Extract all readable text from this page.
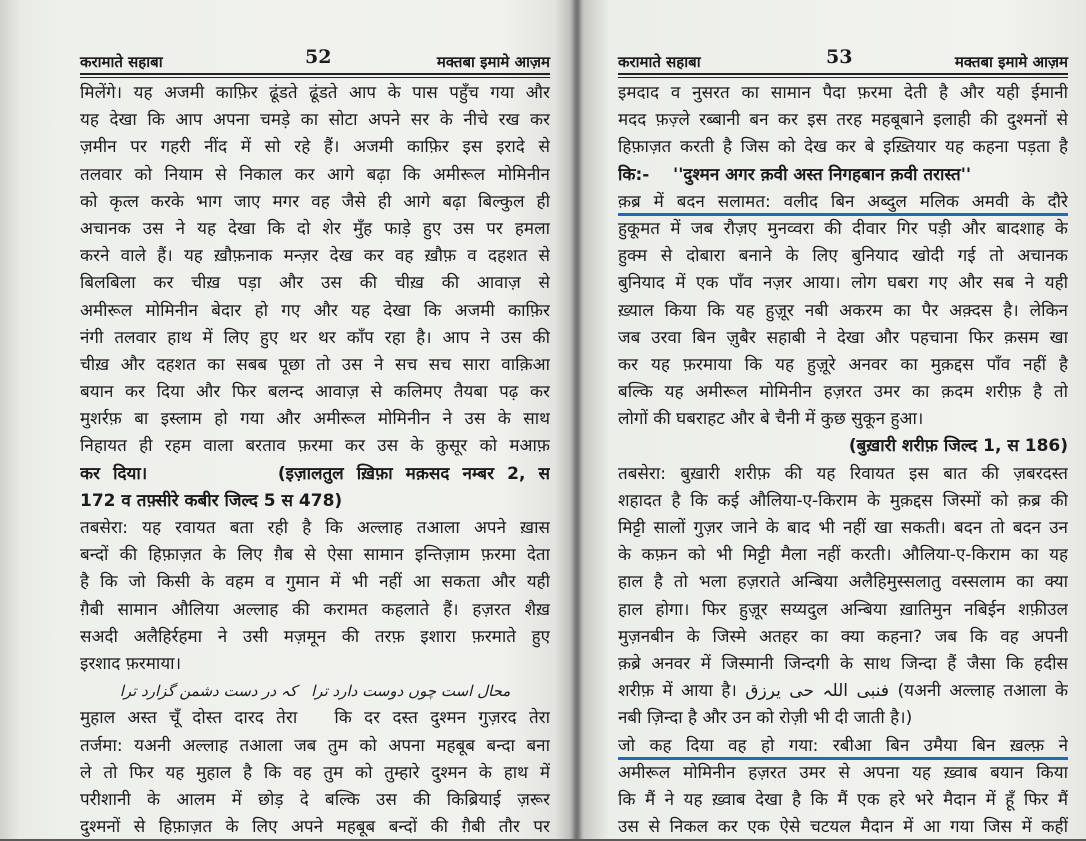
करामाते सहाबा	52	मक्तबा इमामे आज़म
मिलेंगे। यह अजमी काफ़िर ढूंडते ढूंडते आप के पास पहुँच गया और
यह देखा कि आप अपना चमड़े का सोटा अपने सर के नीचे रख कर
ज़मीन पर गहरी नींद में सो रहे हैं। अजमी काफ़िर इस इरादे से
तलवार को नियाम से निकाल कर आगे बढ़ा कि अमीरूल मोमिनीन
को कृत्ल करके भाग जाए मगर वह जैसे ही आगे बढ़ा बिल्कुल ही
अचानक उस ने यह देखा कि दो शेर मुँह फाड़े हुए उस पर हमला
करने वाले हैं। यह ख़ौफ़नाक मन्ज़र देख कर वह ख़ौफ़ व दहशत से
बिलबिला कर चीख़ पड़ा और उस की चीख़ की आवाज़ से
अमीरूल मोमिनीन बेदार हो गए और यह देखा कि अजमी काफ़िर
नंगी तलवार हाथ में लिए हुए थर थर काँप रहा है। आप ने उस की
चीख़ और दहशत का सबब पूछा तो उस ने सच सच सारा वाक़िआ
बयान कर दिया और फिर बलन्द आवाज़ से कलिमए तैयबा पढ़ कर
मुशर्रफ़ बा इस्लाम हो गया और अमीरूल मोमिनीन ने उस के साथ
निहायत ही रहम वाला बरताव फ़रमा कर उस के क़ुसूर को मआफ़
कर दिया।          (इज़ालतुल ख़िफ़ा मक़सद नम्बर 2, स
172 व तफ़्सीरे कबीर जिल्द 5 स 478)
तबसेरा: यह रवायत बता रही है कि अल्लाह तआला अपने ख़ास
बन्दों की हिफ़ाज़त के लिए ग़ैब से ऐसा सामान इन्तिज़ाम फ़रमा देता
है कि जो किसी के वहम व गुमान में भी नहीं आ सकता और यही
ग़ैबी सामान औलिया अल्लाह की करामत कहलाते हैं। हज़रत शैख़
सअदी अलैहिर्रहमा ने उसी मज़मून की तरफ़ इशारा फ़रमाते हुए
इरशाद फ़रमाया।
محال است چوں دوست دارد ترا   کہ در دست دشمن گزارد ترا
मुहाल अस्त चूँ दोस्त दारद तेरा   कि दर दस्त दुश्मन गुज़रद तेरा
तर्जमा: यअनी अल्लाह तआला जब तुम को अपना महबूब बन्दा बना
ले तो फिर यह मुहाल है कि वह तुम को तुम्हारे दुश्मन के हाथ में
परीशानी के आलम में छोड़ दे बल्कि उस की किब्रियाई ज़रूर
दुश्मनों से हिफ़ाज़त के लिए अपने महबूब बन्दों की ग़ैबी तौर पर
करामाते सहाबा	53	मक्तबा इमामे आज़म
इमदाद व नुसरत का सामान पैदा फ़रमा देती है और यही ईमानी
मदद फ़ज़्ले रब्बानी बन कर इस तरह महबूबाने इलाही की दुश्मनों से
हिफ़ाज़त करती है जिस को देख कर बे इख़्तियार यह कहना पड़ता है
कि:-    ''दुश्मन अगर क़वी अस्त निगहबान क़वी तरास्त''
क़ब्र में बदन सलामत: वलीद बिन अब्दुल मलिक अमवी के दौरे
हुकूमत में जब रौज़ए मुनव्वरा की दीवार गिर पड़ी और बादशाह के
हुक्म से दोबारा बनाने के लिए बुनियाद खोदी गई तो अचानक
बुनियाद में एक पाँव नज़र आया। लोग घबरा गए और सब ने यही
ख़्याल किया कि यह हुज़ूर नबी अकरम का पैर अक़्दस है। लेकिन
जब उरवा बिन ज़ुबैर सहाबी ने देखा और पहचाना फिर क़सम खा
कर यह फ़रमाया कि यह हुज़ूरे अनवर का मुक़द्दस पाँव नहीं है
बल्कि यह अमीरूल मोमिनीन हज़रत उमर का क़दम शरीफ़ है तो
लोगों की घबराहट और बे चैनी में कुछ सुकून हुआ।
(बुख़ारी शरीफ़ जिल्द 1, स 186)
तबसेरा: बुख़ारी शरीफ़ की यह रिवायत इस बात की ज़बरदस्त
शहादत है कि कई औलिया-ए-किराम के मुक़द्दस जिस्मों को क़ब्र की
मिट्टी सालों गुज़र जाने के बाद भी नहीं खा सकती। बदन तो बदन उन
के कफ़न को भी मिट्टी मैला नहीं करती। औलिया-ए-किराम का यह
हाल है तो भला हज़राते अन्बिया अलैहिमुस्सलातु वस्सलाम का क्या
हाल होगा। फिर हुज़ूर सय्यदुल अन्बिया ख़ातिमुन नबिईन शफ़ीउल
मुज़नबीन के जिस्मे अतहर का क्या कहना? जब कि वह अपनी
क़ब्रे अनवर में जिस्मानी जिन्दगी के साथ जिन्दा हैं जैसा कि हदीस
शरीफ़ में आया है। فنبی اللہ حی یرزق (यअनी अल्लाह तआला के
नबी ज़िन्दा है और उन को रोज़ी भी दी जाती है।)
जो कह दिया वह हो गया: रबीआ बिन उमैया बिन ख़ल्फ़ ने
अमीरूल मोमिनीन हज़रत उमर से अपना यह ख़्वाब बयान किया
कि मैं ने यह ख़्वाब देखा है कि मैं एक हरे भरे मैदान में हूँ फिर मैं
उस से निकल कर एक ऐसे चटयल मैदान में आ गया जिस में कहीं
